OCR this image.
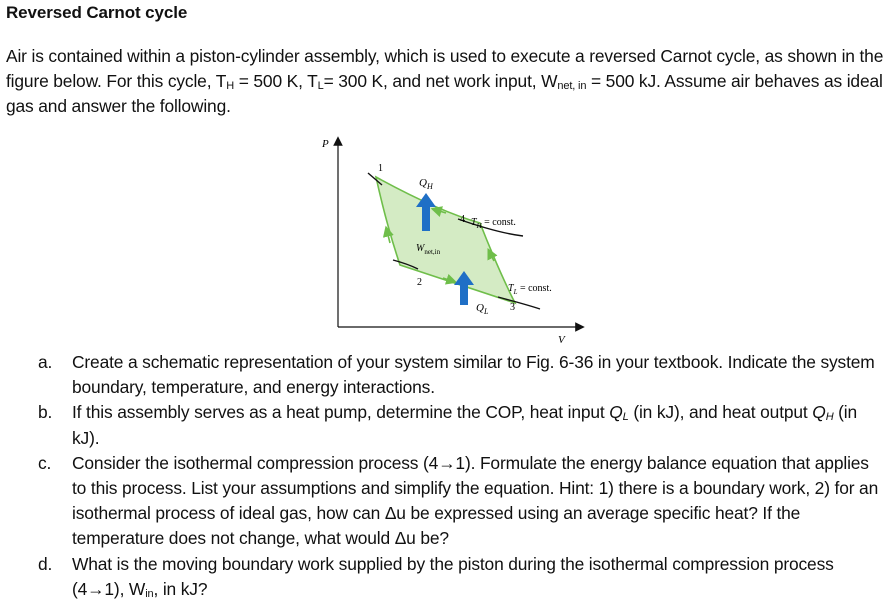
Reversed Carnot cycle

Air is contained within a piston-cylinder assembly, which is used to execute a reversed Carnot cycle, as shown in the figure below. For this cycle, $T_H = 500$ K, $T_L= 300$ K, and net work input, $W_{net, in} = 500$ kJ. Assume air behaves as ideal gas and answer the following.

P
V
1
4
2
3
$Q_H$
$W_{net,in}$
$T_H$ = const.
$T_L$ = const.
$Q_L$
a. Create a schematic representation of your system similar to Fig. 6-36 in your textbook. Indicate the system boundary, temperature, and energy interactions.
b. If this assembly serves as a heat pump, determine the COP, heat input $Q_L$ (in kJ), and heat output $Q_H$ (in kJ).
c. Consider the isothermal compression process (4→1). Formulate the energy balance equation that applies to this process. List your assumptions and simplify the equation. Hint: 1) there is a boundary work, 2) for an isothermal process of ideal gas, how can Δu be expressed using an average specific heat? If the temperature does not change, what would Δu be?
d. What is the moving boundary work supplied by the piston during the isothermal compression process (4→1), $W_{in}$, in kJ?
